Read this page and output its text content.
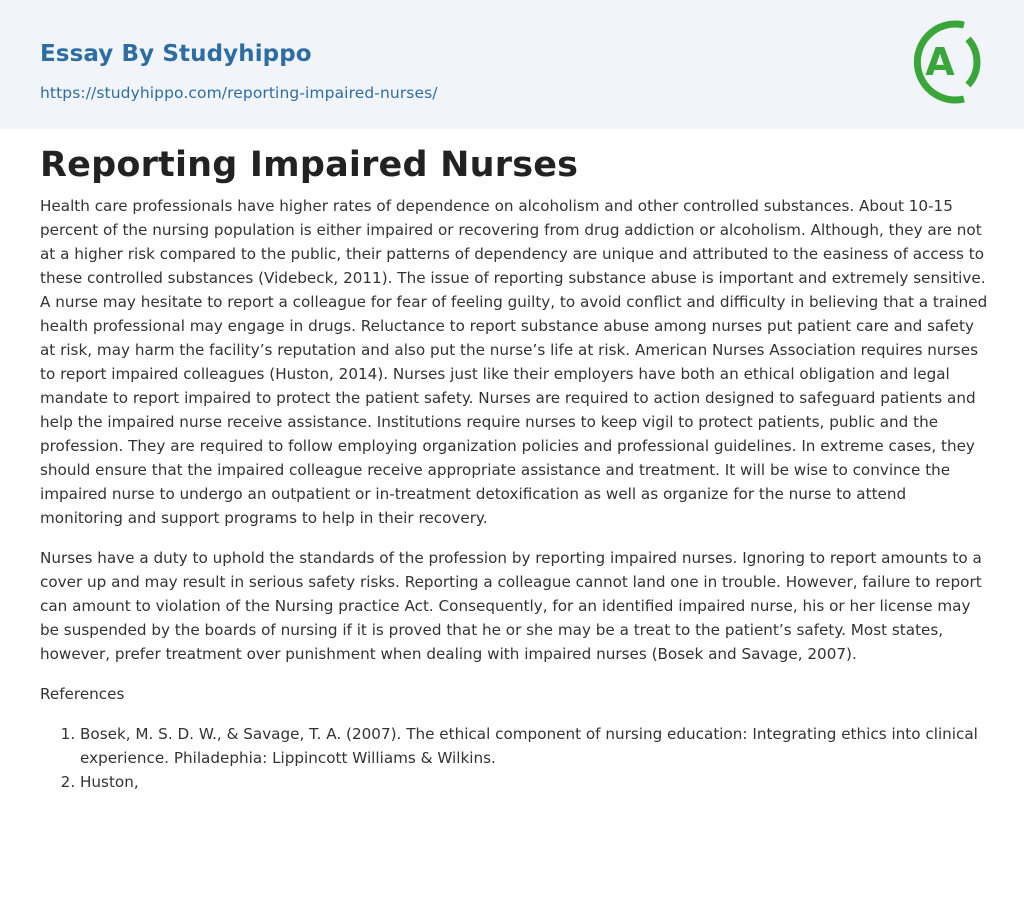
Essay By Studyhippo
https://studyhippo.com/reporting-impaired-nurses/
A
Reporting Impaired Nurses

Health care professionals have higher rates of dependence on alcoholism and other controlled substances. About 10-15 percent of the nursing population is either impaired or recovering from drug addiction or alcoholism. Although, they are not at a higher risk compared to the public, their patterns of dependency are unique and attributed to the easiness of access to these controlled substances (Videbeck, 2011). The issue of reporting substance abuse is important and extremely sensitive. A nurse may hesitate to report a colleague for fear of feeling guilty, to avoid conflict and difficulty in believing that a trained health professional may engage in drugs. Reluctance to report substance abuse among nurses put patient care and safety at risk, may harm the facility’s reputation and also put the nurse’s life at risk. American Nurses Association requires nurses to report impaired colleagues (Huston, 2014). Nurses just like their employers have both an ethical obligation and legal mandate to report impaired to protect the patient safety. Nurses are required to action designed to safeguard patients and help the impaired nurse receive assistance. Institutions require nurses to keep vigil to protect patients, public and the profession. They are required to follow employing organization policies and professional guidelines. In extreme cases, they should ensure that the impaired colleague receive appropriate assistance and treatment. It will be wise to convince the impaired nurse to undergo an outpatient or in-treatment detoxification as well as organize for the nurse to attend monitoring and support programs to help in their recovery.

Nurses have a duty to uphold the standards of the profession by reporting impaired nurses. Ignoring to report amounts to a cover up and may result in serious safety risks. Reporting a colleague cannot land one in trouble. However, failure to report can amount to violation of the Nursing practice Act. Consequently, for an identified impaired nurse, his or her license may be suspended by the boards of nursing if it is proved that he or she may be a treat to the patient’s safety. Most states, however, prefer treatment over punishment when dealing with impaired nurses (Bosek and Savage, 2007).

References

1. Bosek, M. S. D. W., & Savage, T. A. (2007). The ethical component of nursing education: Integrating ethics into clinical experience. Philadephia: Lippincott Williams & Wilkins.
2. Huston,
